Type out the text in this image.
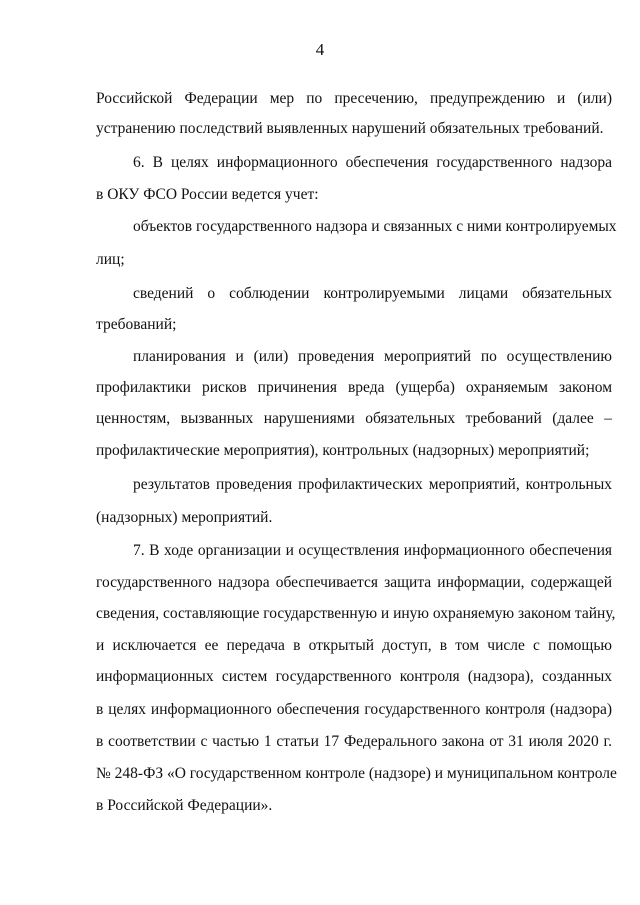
4
Российской Федерации мер по пресечению, предупреждению и (или)
устранению последствий выявленных нарушений обязательных требований.
6. В целях информационного обеспечения государственного надзора
в ОКУ ФСО России ведется учет:
объектов государственного надзора и связанных с ними контролируемых
лиц;
сведений о соблюдении контролируемыми лицами обязательных
требований;
планирования и (или) проведения мероприятий по осуществлению
профилактики рисков причинения вреда (ущерба) охраняемым законом
ценностям, вызванных нарушениями обязательных требований (далее –
профилактические мероприятия), контрольных (надзорных) мероприятий;
результатов проведения профилактических мероприятий, контрольных
(надзорных) мероприятий.
7. В ходе организации и осуществления информационного обеспечения
государственного надзора обеспечивается защита информации, содержащей
сведения, составляющие государственную и иную охраняемую законом тайну,
и исключается ее передача в открытый доступ, в том числе с помощью
информационных систем государственного контроля (надзора), созданных
в целях информационного обеспечения государственного контроля (надзора)
в соответствии с частью 1 статьи 17 Федерального закона от 31 июля 2020 г.
№ 248-ФЗ «О государственном контроле (надзоре) и муниципальном контроле
в Российской Федерации».
